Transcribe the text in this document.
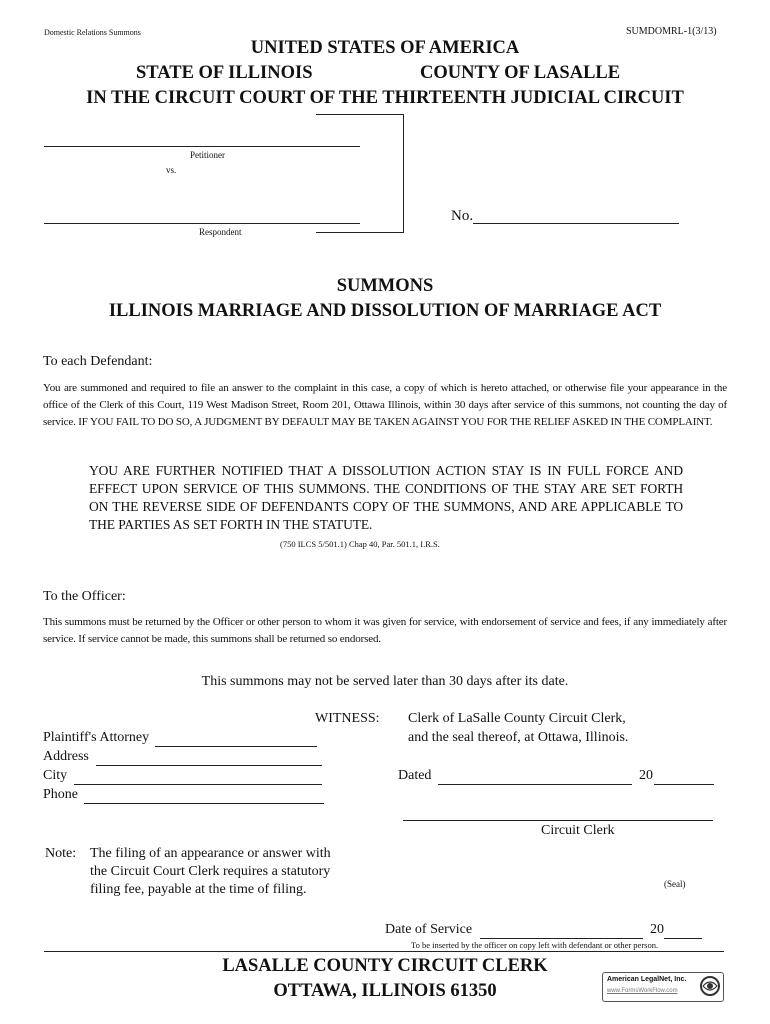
Domestic Relations Summons	SUMDOMRL-1(3/13)
UNITED STATES OF AMERICA
STATE OF ILLINOIS	COUNTY OF LASALLE
IN THE CIRCUIT COURT OF THE THIRTEENTH JUDICIAL CIRCUIT
Petitioner
vs.
Respondent
No.
SUMMONS
ILLINOIS MARRIAGE AND DISSOLUTION OF MARRIAGE ACT
To each Defendant:
You are summoned and required to file an answer to the complaint in this case, a copy of which is hereto attached, or otherwise file your appearance in the office of the Clerk of this Court, 119 West Madison Street, Room 201, Ottawa Illinois, within 30 days after service of this summons, not counting the day of service. IF YOU FAIL TO DO SO, A JUDGMENT BY DEFAULT MAY BE TAKEN AGAINST YOU FOR THE RELIEF ASKED IN THE COMPLAINT.
YOU ARE FURTHER NOTIFIED THAT A DISSOLUTION ACTION STAY IS IN FULL FORCE AND EFFECT UPON SERVICE OF THIS SUMMONS. THE CONDITIONS OF THE STAY ARE SET FORTH ON THE REVERSE SIDE OF DEFENDANTS COPY OF THE SUMMONS, AND ARE APPLICABLE TO THE PARTIES AS SET FORTH IN THE STATUTE.
(750 ILCS 5/501.1) Chap 40, Par. 501.1, I.R.S.
To the Officer:
This summons must be returned by the Officer or other person to whom it was given for service, with endorsement of service and fees, if any immediately after service. If service cannot be made, this summons shall be returned so endorsed.
This summons may not be served later than 30 days after its date.
WITNESS: Clerk of LaSalle County Circuit Clerk,
and the seal thereof, at Ottawa, Illinois.
Plaintiff's Attorney
Address
City
Phone
Dated	20
Circuit Clerk
Note: The filing of an appearance or answer with
the Circuit Court Clerk requires a statutory
filing fee, payable at the time of filing.	(Seal)
Date of Service	20
To be inserted by the officer on copy left with defendant or other person.
LASALLE COUNTY CIRCUIT CLERK
OTTAWA, ILLINOIS 61350
American LegalNet, Inc.
www.FormsWorkFlow.com
